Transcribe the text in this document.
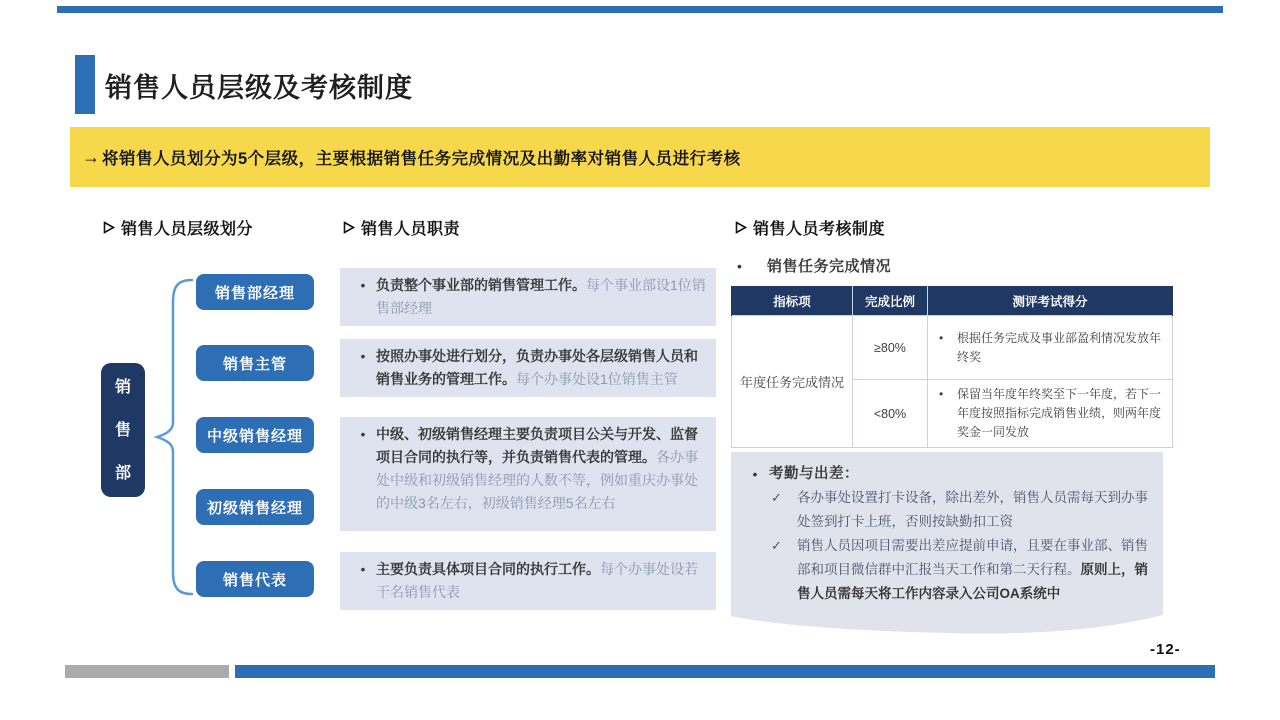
销售人员层级及考核制度
→ 将销售人员划分为5个层级，主要根据销售任务完成情况及出勤率对销售人员进行考核
销售人员层级划分	销售人员职责	销售人员考核制度
销售部
销售部经理
销售主管
中级销售经理
初级销售经理
销售代表
• 负责整个事业部的销售管理工作。每个事业部设1位销售部经理
• 按照办事处进行划分，负责办事处各层级销售人员和销售业务的管理工作。每个办事处设1位销售主管
• 中级、初级销售经理主要负责项目公关与开发、监督项目合同的执行等，并负责销售代表的管理。各办事处中级和初级销售经理的人数不等，例如重庆办事处的中级3名左右，初级销售经理5名左右
• 主要负责具体项目合同的执行工作。每个办事处设若干名销售代表
•	销售任务完成情况
指标项	完成比例	测评考试得分
年度任务完成情况	≥80%	• 根据任务完成及事业部盈利情况发放年终奖

	<80%	• 保留当年度年终奖至下一年度，若下一年度按照指标完成销售业绩，则两年度奖金一同发放
• 考勤与出差：
✓	各办事处设置打卡设备，除出差外，销售人员需每天到办事处签到打卡上班，否则按缺勤扣工资
✓	销售人员因项目需要出差应提前申请，且要在事业部、销售部和项目微信群中汇报当天工作和第二天行程。原则上，销售人员需每天将工作内容录入公司OA系统中
-12-
